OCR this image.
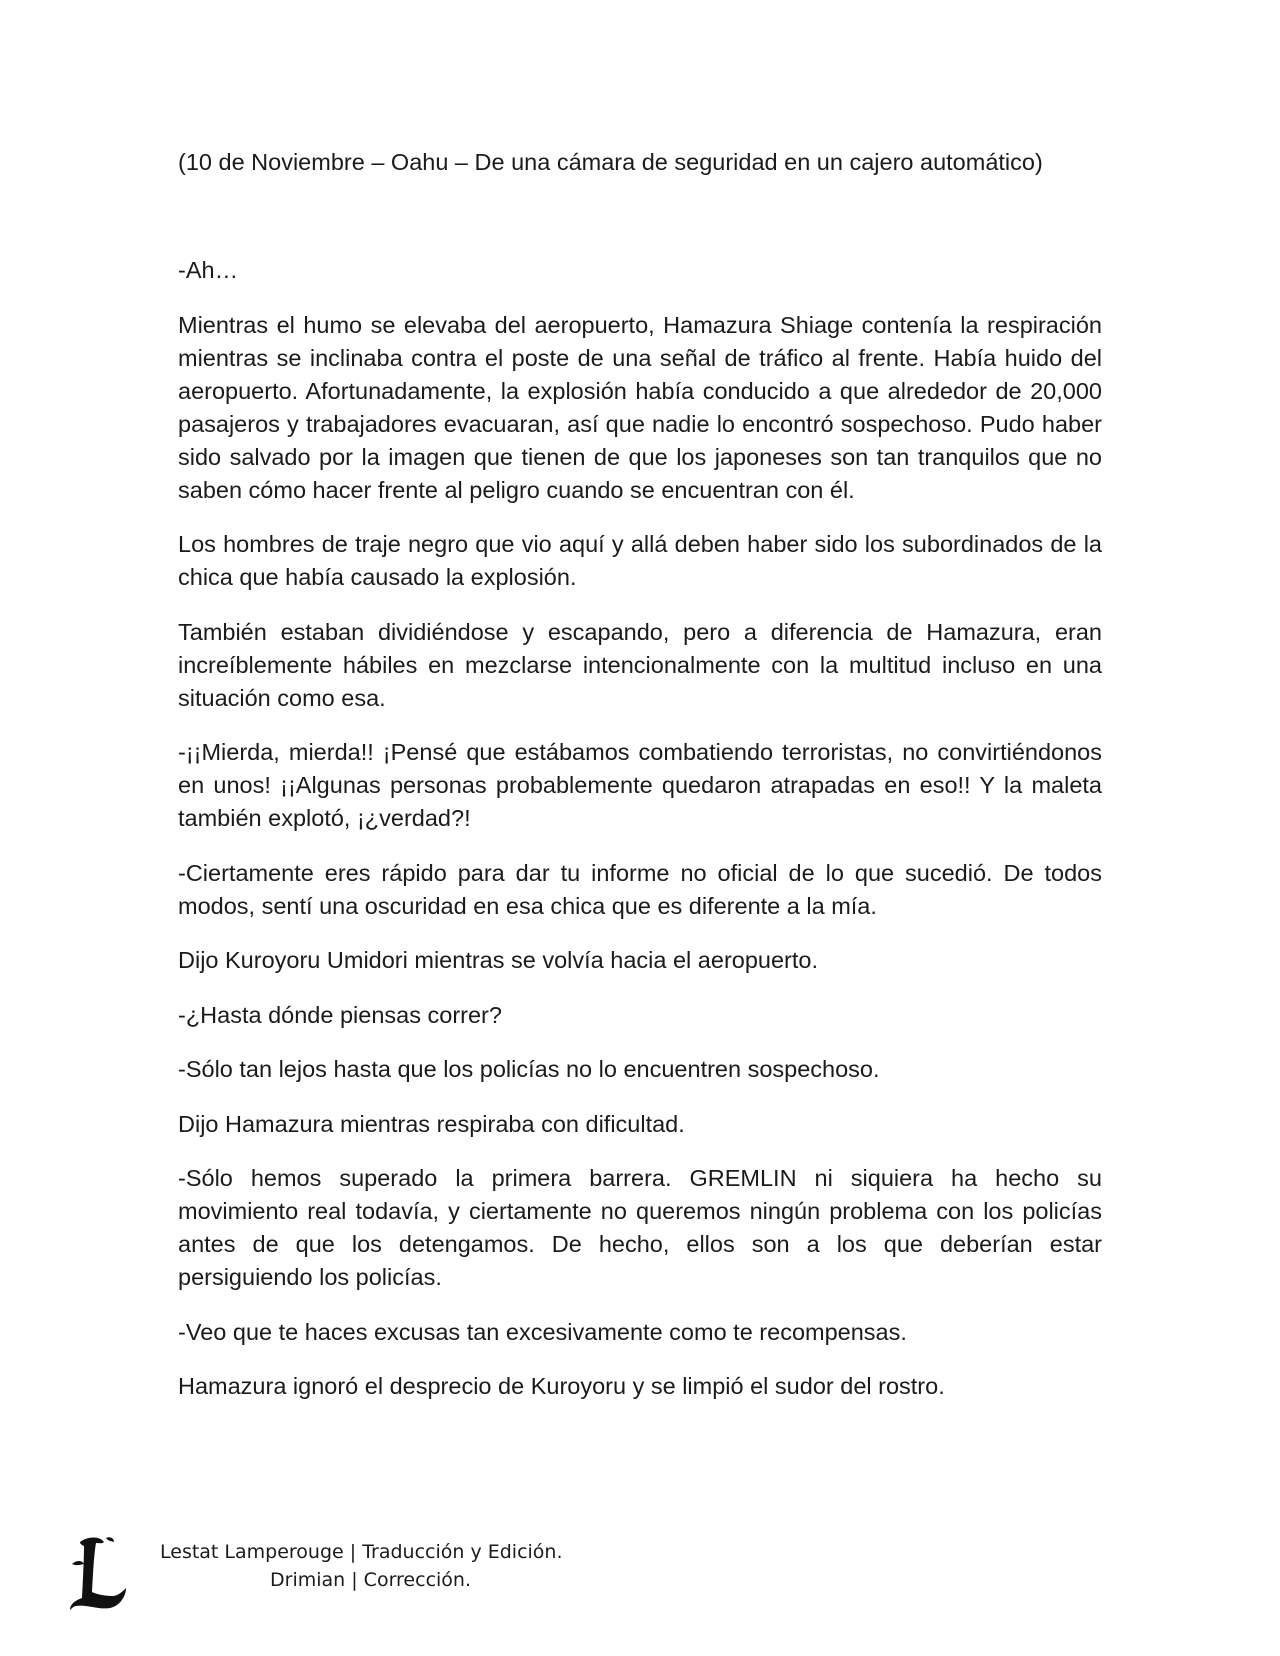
(10 de Noviembre – Oahu – De una cámara de seguridad en un cajero automático)

-Ah…

Mientras el humo se elevaba del aeropuerto, Hamazura Shiage contenía la respiración mientras se inclinaba contra el poste de una señal de tráfico al frente. Había huido del aeropuerto. Afortunadamente, la explosión había conducido a que alrededor de 20,000 pasajeros y trabajadores evacuaran, así que nadie lo encontró sospechoso. Pudo haber sido salvado por la imagen que tienen de que los japoneses son tan tranquilos que no saben cómo hacer frente al peligro cuando se encuentran con él.

Los hombres de traje negro que vio aquí y allá deben haber sido los subordinados de la chica que había causado la explosión.

También estaban dividiéndose y escapando, pero a diferencia de Hamazura, eran increíblemente hábiles en mezclarse intencionalmente con la multitud incluso en una situación como esa.

-¡¡Mierda, mierda!! ¡Pensé que estábamos combatiendo terroristas, no convirtiéndonos en unos! ¡¡Algunas personas probablemente quedaron atrapadas en eso!! Y la maleta también explotó, ¡¿verdad?!

-Ciertamente eres rápido para dar tu informe no oficial de lo que sucedió. De todos modos, sentí una oscuridad en esa chica que es diferente a la mía.

Dijo Kuroyoru Umidori mientras se volvía hacia el aeropuerto.

-¿Hasta dónde piensas correr?

-Sólo tan lejos hasta que los policías no lo encuentren sospechoso.

Dijo Hamazura mientras respiraba con dificultad.

-Sólo hemos superado la primera barrera. GREMLIN ni siquiera ha hecho su movimiento real todavía, y ciertamente no queremos ningún problema con los policías antes de que los detengamos. De hecho, ellos son a los que deberían estar persiguiendo los policías.

-Veo que te haces excusas tan excesivamente como te recompensas.

Hamazura ignoró el desprecio de Kuroyoru y se limpió el sudor del rostro.

Lestat Lamperouge | Traducción y Edición.
Drimian | Corrección.
